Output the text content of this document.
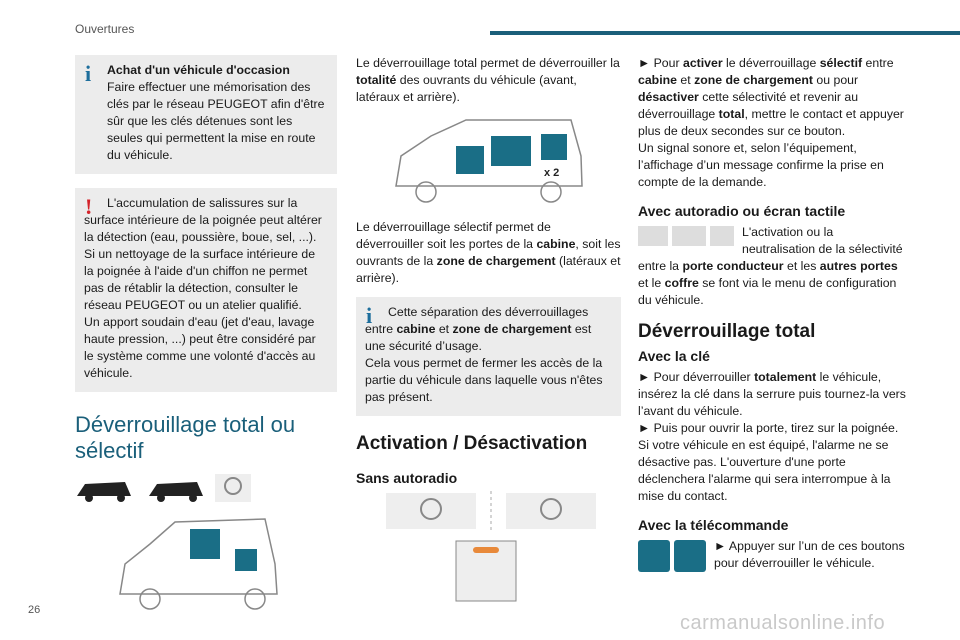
Ouvertures
i	Achat d'un véhicule d'occasion

Faire effectuer une mémorisation des clés par le réseau PEUGEOT afin d'être sûr que les clés détenues sont les seules qui permettent la mise en route du véhicule.

!	L'accumulation de salissures sur la surface intérieure de la poignée peut altérer la détection (eau, poussière, boue, sel, ...).

Si un nettoyage de la surface intérieure de la poignée à l'aide d'un chiffon ne permet pas de rétablir la détection, consulter le réseau PEUGEOT ou un atelier qualifié.

Un apport soudain d'eau (jet d'eau, lavage haute pression, ...) peut être considéré par le système comme une volonté d'accès au véhicule.

Déverrouillage total ou sélectif

Le déverrouillage total permet de déverrouiller la totalité des ouvrants du véhicule (avant, latéraux et arrière).

x 2

Le déverrouillage sélectif permet de déverrouiller soit les portes de la cabine, soit les ouvrants de la zone de chargement (latéraux et arrière).

i	Cette séparation des déverrouillages entre cabine et zone de chargement est une sécurité d’usage.

Cela vous permet de fermer les accès de la partie du véhicule dans laquelle vous n'êtes pas présent.

Activation / Désactivation
Sans autoradio

► Pour activer le déverrouillage sélectif entre cabine et zone de chargement ou pour désactiver cette sélectivité et revenir au déverrouillage total, mettre le contact et appuyer plus de deux secondes sur ce bouton.

Un signal sonore et, selon l’équipement, l’affichage d’un message confirme la prise en compte de la demande.

Avec autoradio ou écran tactile

L'activation ou la neutralisation de la sélectivité entre la porte conducteur et les autres portes et le coffre se font via le menu de configuration du véhicule.

Déverrouillage total
Avec la clé

► Pour déverrouiller totalement le véhicule, insérez la clé dans la serrure puis tournez-la vers l’avant du véhicule.

► Puis pour ouvrir la porte, tirez sur la poignée.

Si votre véhicule en est équipé, l'alarme ne se désactive pas. L'ouverture d'une porte déclenchera l'alarme qui sera interrompue à la mise du contact.

Avec la télécommande

► Appuyer sur l’un de ces boutons pour déverrouiller le véhicule.

26
carmanualsonline.info
